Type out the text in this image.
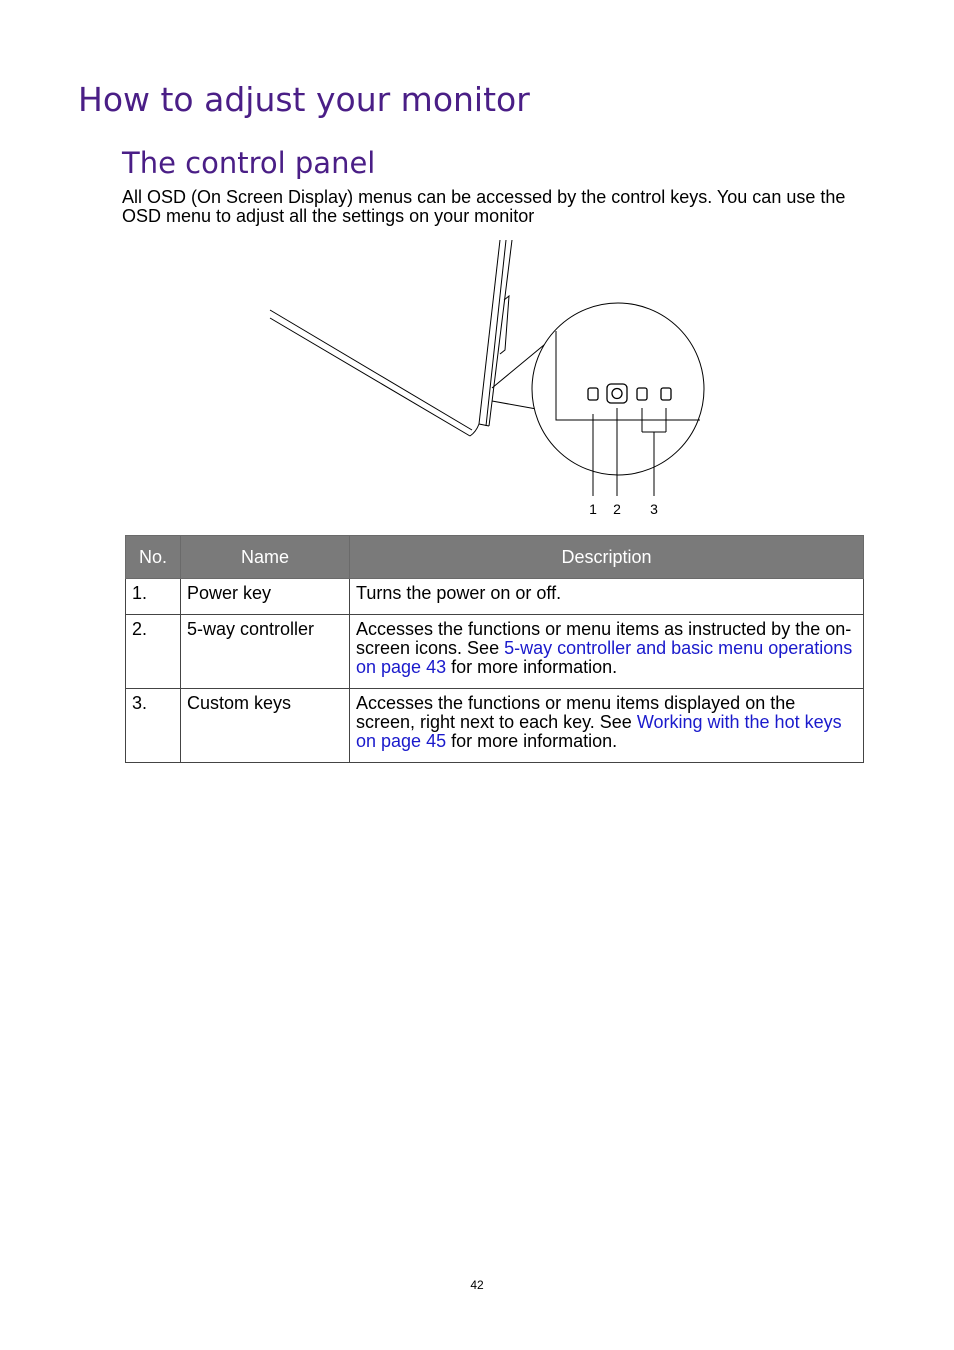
How to adjust your monitor
The control panel

All OSD (On Screen Display) menus can be accessed by the control keys. You can use the OSD menu to adjust all the settings on your monitor

1 2 3
No.	Name	Description
1.	Power key	Turns the power on or off.
2.	5-way controller	Accesses the functions or menu items as instructed by the on-screen icons. See 5-way controller and basic menu operations on page 43 for more information.
3.	Custom keys	Accesses the functions or menu items displayed on the screen, right next to each key. See Working with the hot keys on page 45 for more information.
42
